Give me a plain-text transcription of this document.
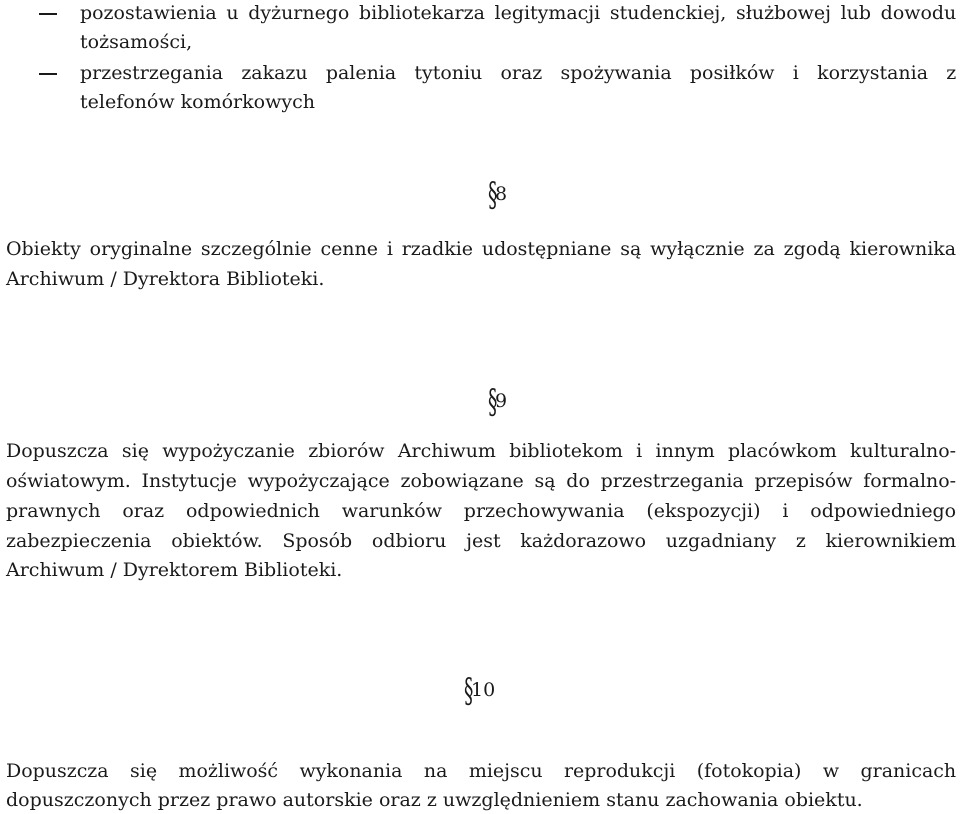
pozostawienia u dyżurnego bibliotekarza legitymacji studenckiej, służbowej lub dowodu
tożsamości,
przestrzegania zakazu palenia tytoniu oraz spożywania posiłków i korzystania z
telefonów komórkowych
§8
Obiekty oryginalne szczególnie cenne i rzadkie udostępniane są wyłącznie za zgodą kierownika
Archiwum / Dyrektora Biblioteki.
§9
Dopuszcza się wypożyczanie zbiorów Archiwum bibliotekom i innym placówkom kulturalno-
oświatowym. Instytucje wypożyczające zobowiązane są do przestrzegania przepisów formalno-
prawnych oraz odpowiednich warunków przechowywania (ekspozycji) i odpowiedniego
zabezpieczenia obiektów. Sposób odbioru jest każdorazowo uzgadniany z kierownikiem
Archiwum / Dyrektorem Biblioteki.
§10
Dopuszcza się możliwość wykonania na miejscu reprodukcji (fotokopia) w granicach
dopuszczonych przez prawo autorskie oraz z uwzględnieniem stanu zachowania obiektu.
